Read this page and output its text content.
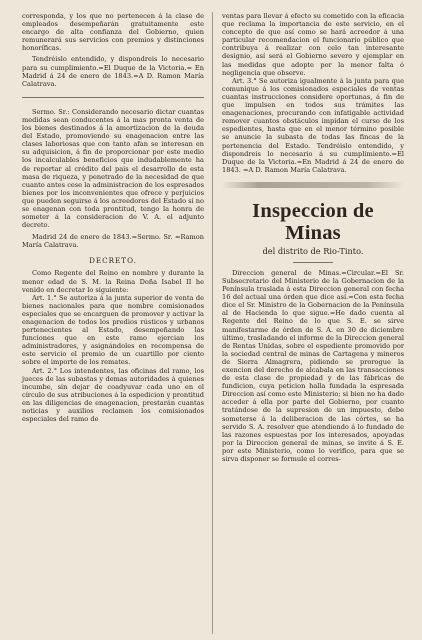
corresponda, y los que no pertenecen á la clase de empleados desempeñarán gratuitamente este encargo de alta confianza del Gobierno, quien remunerará sus servicios con premios y distinciones honoríficas.

Tendréislo entendido, y dispondreis lo necesario para su cumplimiento.=El Duque de la Victoria.= En Madrid á 24 de enero de 1843.=A D. Ramon María Calatrava.

Sermo. Sr.: Considerando necesario dictar cuantas medidas sean conducentes á la mas pronta venta de los bienes destinados á la amortizacion de la deuda del Estado, promoviendo su enagenacion entre las clases laboriosas que con tanto afan se interesan en su adquisicion, á fin de proporcionar por este medio los incalculables beneficios que indudablemente ha de reportar al crédito del pais el desarrollo de esta masa de riqueza, y penetrado de la necesidad de que cuanto antes cese la administracion de los espresados bienes por los inconvenientes que ofrece y perjuicios que pueden seguirse á los acreedores del Estado si no se enagenan con toda prontitud, tengo la honra de someter á la consideracion de V. A. el adjunto decreto.

Madrid 24 de enero de 1843.=Sermo. Sr. =Ramon María Calatrava.

DECRETO.

Como Regente del Reino en nombre y durante la menor edad de S. M. la Reina Doña Isabel II he venido en decretar lo siguiente:

Art. 1.° Se autoriza á la junta superior de venta de bienes nacionales para que nombre comisionados especiales que se encarguen de promover y activar la enagenacion de todos los predios rústicos y urbanos pertenecientes al Estado, desempeñando las funciones que en este ramo ejercian los administradores, y asignándoles en recompensa de este servicio el premio de un cuartillo por ciento sobre el importe de los remates.

Art. 2.° Los intendentes, las oficinas del ramo, los jueces de las subastas y demas autoridades á quienes incumbe, sin dejar de coadyuvar cada uno en el círculo de sus atribuciones á la espedicion y prontitud en las diligencias de enagenacion, prestarán cuantas noticias y auxilios reclamen los comisionados especiales del ramo de

ventas para llevar á efecto su cometido con la eficacia que reclama la importancia de este servicio, en el concepto de que así como se hará acreedor á una particular recomendacion el funcionario público que contribuya á realizar con celo tan interesante designio, así será el Gobierno severo y ejemplar en las medidas que adopte por la menor falta ó negligencia que observe.

Art. 3.° Se autoriza igualmente á la junta para que comunique á los comisionados especiales de ventas cuantas instrucciones considere oportunas, á fin de que impulsen en todos sus trámites las enagenaciones, procurando con infatigable actividad remover cuantos obstáculos impidan el curso de los espedientes, hasta que en el menor término posible se anuncie la subasta de todas las fincas de la pertenencia del Estado. Tendréislo entendido, y dispondreis lo necesario á su cumplimiento.=El Duque de la Victoria.=En Madrid á 24 de enero de 1843. =A D. Ramon María Calatrava.

Inspeccion de Minas
del distrito de Rio-Tinto.

Direccion general de Minas.=Circular.=El Sr. Subsecretario del Ministerio de la Gobernacion de la Península traslada á esta Direccion general con fecha 16 del actual una órden que dice así.=Con esta fecha dice el Sr. Ministro de la Gobernacion de la Península al de Hacienda lo que sigue.=He dado cuenta al Regente del Reino de lo que S. E. se sirve manifestarme de órden de S. A. en 30 de diciembre último, trasladando el informe de la Direccion general de Rentas Unidas, sobre el espediente promovido por la sociedad central de minas de Cartagena y mineros de Sierra Almagrera, pidiendo se prorogue la exencion del derecho de alcabala en las transacciones de esta clase de propiedad y de las fábricas de fundicion, cuya peticion halla fundada la espresada Direccion así como este Ministerio; si bien no ha dado acceder á ella por parte del Gobierno, por cuanto tratándose de la supresion de un impuesto, debe someterse á la deliberacion de las córtes, se ha servido S. A. resolver que atendiendo á lo fundado de las razones espuestas por los interesados, apoyadas por la Direccion general de minas, se invite á S. E. por este Ministerio, como lo verifico, para que se sirva disponer se formule el corres-
